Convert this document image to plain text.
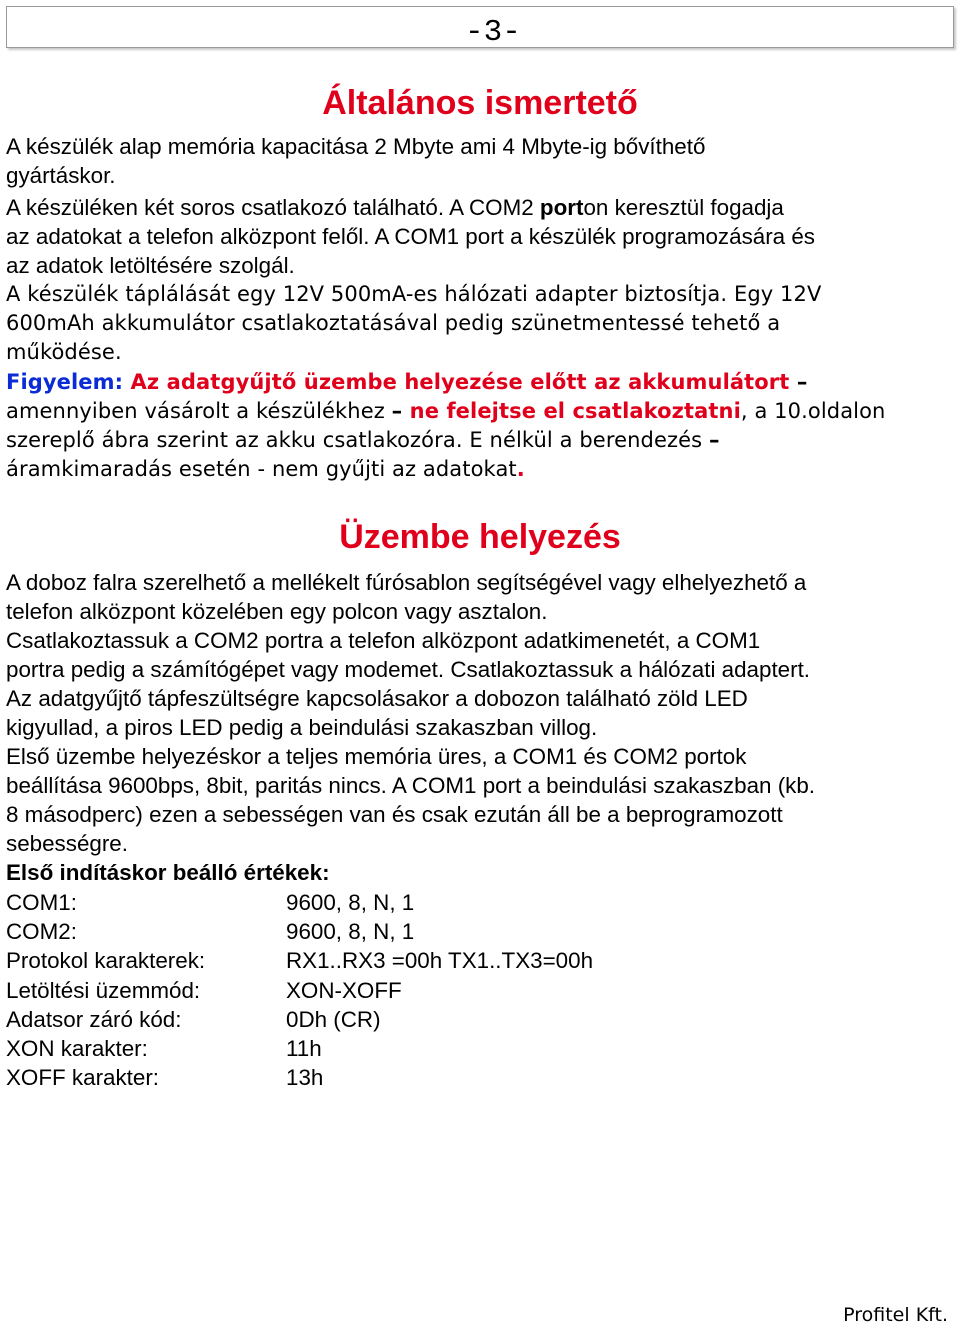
-3-
Általános ismertető
A készülék alap memória kapacitása 2 Mbyte ami 4 Mbyte-ig bővíthető
gyártáskor.
A készüléken két soros csatlakozó található. A COM2 porton keresztül fogadja
az adatokat a telefon alközpont felől. A COM1 port a készülék programozására és
az adatok letöltésére szolgál.
A készülék táplálását egy 12V 500mA-es hálózati adapter biztosítja. Egy 12V
600mAh akkumulátor csatlakoztatásával pedig szünetmentessé tehető a
működése.
Figyelem: Az adatgyűjtő üzembe helyezése előtt az akkumulátort –
amennyiben vásárolt a készülékhez – ne felejtse el csatlakoztatni, a 10.oldalon
szereplő ábra szerint az akku csatlakozóra. E nélkül a berendezés –
áramkimaradás esetén - nem gyűjti az adatokat.
Üzembe helyezés
A doboz falra szerelhető a mellékelt fúrósablon segítségével vagy elhelyezhető a
telefon alközpont közelében egy polcon vagy asztalon.
Csatlakoztassuk a COM2 portra a telefon alközpont adatkimenetét, a COM1
portra pedig a számítógépet vagy modemet. Csatlakoztassuk a hálózati adaptert.
Az adatgyűjtő tápfeszültségre kapcsolásakor a dobozon található zöld LED
kigyullad, a piros LED pedig a beindulási szakaszban villog.
Első üzembe helyezéskor a teljes memória üres, a COM1 és COM2 portok
beállítása 9600bps, 8bit, paritás nincs. A COM1 port a beindulási szakaszban (kb.
8 másodperc) ezen a sebességen van és csak ezután áll be a beprogramozott
sebességre.
Első indításkor beálló értékek:
COM1:	9600, 8, N, 1
COM2:	9600, 8, N, 1
Protokol karakterek:	RX1..RX3 =00h TX1..TX3=00h
Letöltési üzemmód:	XON-XOFF
Adatsor záró kód:	0Dh (CR)
XON karakter:	11h
XOFF karakter:	13h
Profitel Kft.
